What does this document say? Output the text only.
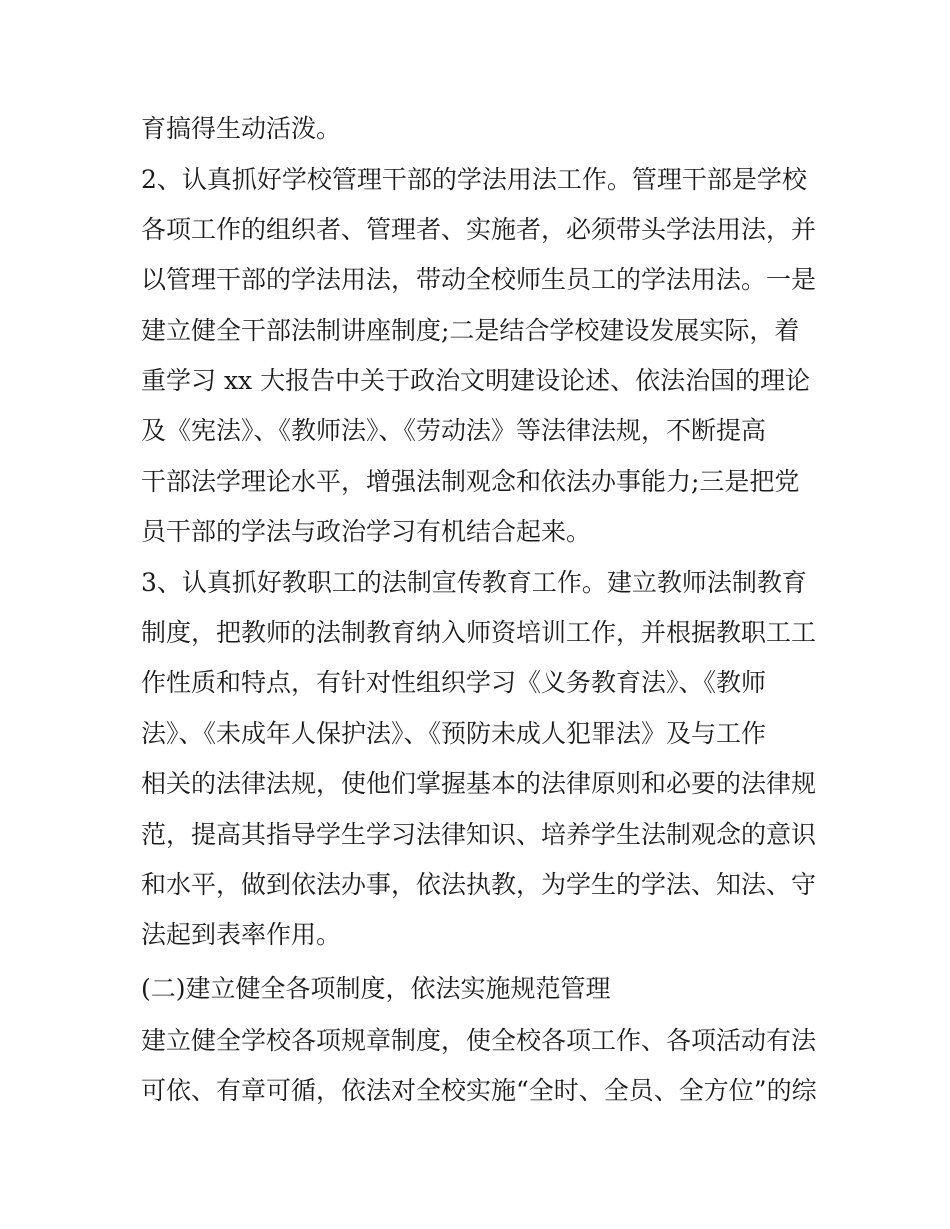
育搞得生动活泼。
2、认真抓好学校管理干部的学法用法工作。管理干部是学校
各项工作的组织者、管理者、实施者，必须带头学法用法，并
以管理干部的学法用法，带动全校师生员工的学法用法。一是
建立健全干部法制讲座制度;二是结合学校建设发展实际，着
重学习 xx 大报告中关于政治文明建设论述、依法治国的理论
及《宪法》、《教师法》、《劳动法》等法律法规，不断提高
干部法学理论水平，增强法制观念和依法办事能力;三是把党
员干部的学法与政治学习有机结合起来。
3、认真抓好教职工的法制宣传教育工作。建立教师法制教育
制度，把教师的法制教育纳入师资培训工作，并根据教职工工
作性质和特点，有针对性组织学习《义务教育法》、《教师
法》、《未成年人保护法》、《预防未成人犯罪法》及与工作
相关的法律法规，使他们掌握基本的法律原则和必要的法律规
范，提高其指导学生学习法律知识、培养学生法制观念的意识
和水平，做到依法办事，依法执教，为学生的学法、知法、守
法起到表率作用。
(二)建立健全各项制度，依法实施规范管理
建立健全学校各项规章制度，使全校各项工作、各项活动有法
可依、有章可循，依法对全校实施“全时、全员、全方位”的综
